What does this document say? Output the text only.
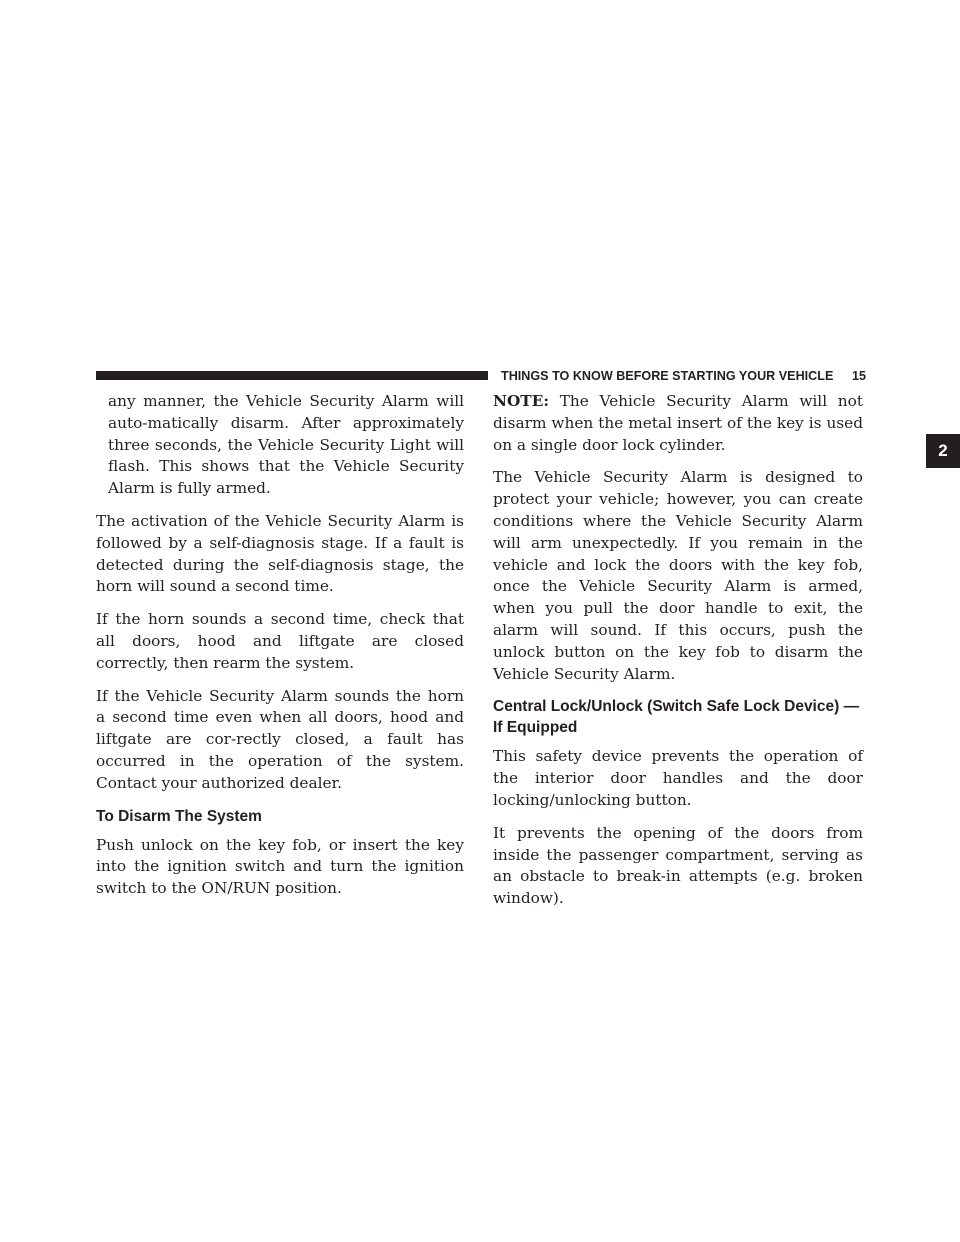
THINGS TO KNOW BEFORE STARTING YOUR VEHICLE 15
2

any manner, the Vehicle Security Alarm will auto-matically disarm. After approximately three seconds, the Vehicle Security Light will flash. This shows that the Vehicle Security Alarm is fully armed.

The activation of the Vehicle Security Alarm is followed by a self-diagnosis stage. If a fault is detected during the self-diagnosis stage, the horn will sound a second time.

If the horn sounds a second time, check that all doors, hood and liftgate are closed correctly, then rearm the system.

If the Vehicle Security Alarm sounds the horn a second time even when all doors, hood and liftgate are cor-rectly closed, a fault has occurred in the operation of the system. Contact your authorized dealer.

To Disarm The System

Push unlock on the key fob, or insert the key into the ignition switch and turn the ignition switch to the ON/RUN position.

NOTE: The Vehicle Security Alarm will not disarm when the metal insert of the key is used on a single door lock cylinder.

The Vehicle Security Alarm is designed to protect your vehicle; however, you can create conditions where the Vehicle Security Alarm will arm unexpectedly. If you remain in the vehicle and lock the doors with the key fob, once the Vehicle Security Alarm is armed, when you pull the door handle to exit, the alarm will sound. If this occurs, push the unlock button on the key fob to disarm the Vehicle Security Alarm.

Central Lock/Unlock (Switch Safe Lock Device) — If Equipped

This safety device prevents the operation of the interior door handles and the door locking/unlocking button.

It prevents the opening of the doors from inside the passenger compartment, serving as an obstacle to break-in attempts (e.g. broken window).
